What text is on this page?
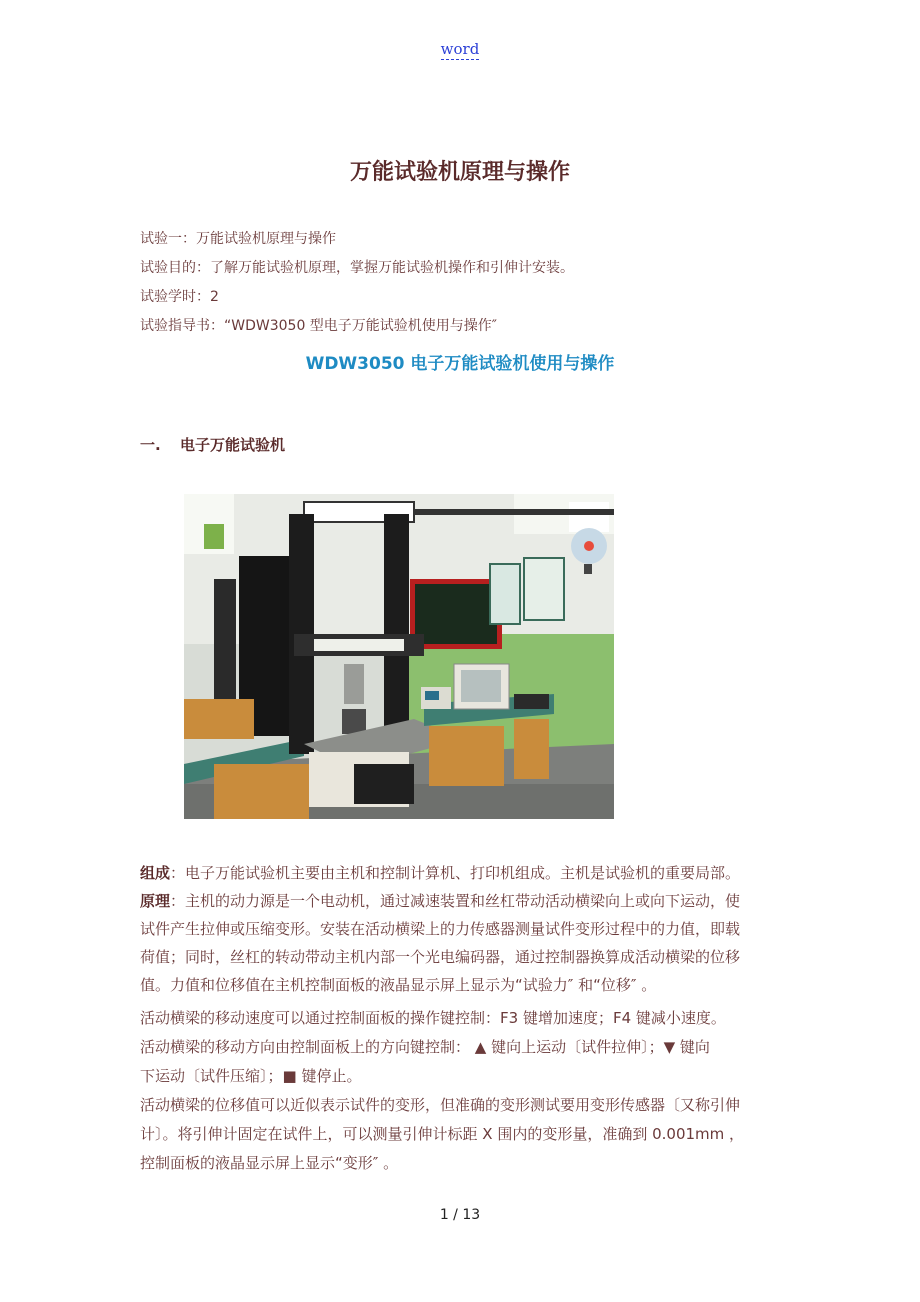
word
万能试验机原理与操作

试验一：万能试验机原理与操作

试验目的：了解万能试验机原理，掌握万能试验机操作和引伸计安装。

试验学时：2

试验指导书：“WDW3050 型电子万能试验机使用与操作″

WDW3050 电子万能试验机使用与操作
一. 电子万能试验机

组成：电子万能试验机主要由主机和控制计算机、打印机组成。主机是试验机的重要局部。

原理：主机的动力源是一个电动机，通过减速装置和丝杠带动活动横梁向上或向下运动，使

试件产生拉伸或压缩变形。安装在活动横梁上的力传感器测量试件变形过程中的力值，即载

荷值；同时，丝杠的转动带动主机内部一个光电编码器，通过控制器换算成活动横梁的位移

值。力值和位移值在主机控制面板的液晶显示屏上显示为“试验力″ 和“位移″ 。

活动横梁的移动速度可以通过控制面板的操作键控制：F3 键增加速度；F4 键减小速度。

活动横梁的移动方向由控制面板上的方向键控制： ▲ 键向上运动〔试件拉伸〕；▼ 键向

下运动〔试件压缩〕；■ 键停止。

活动横梁的位移值可以近似表示试件的变形，但准确的变形测试要用变形传感器〔又称引伸

计〕。将引伸计固定在试件上，可以测量引伸计标距 X 围内的变形量，准确到 0.001mm ，

控制面板的液晶显示屏上显示“变形″ 。

1 / 13
